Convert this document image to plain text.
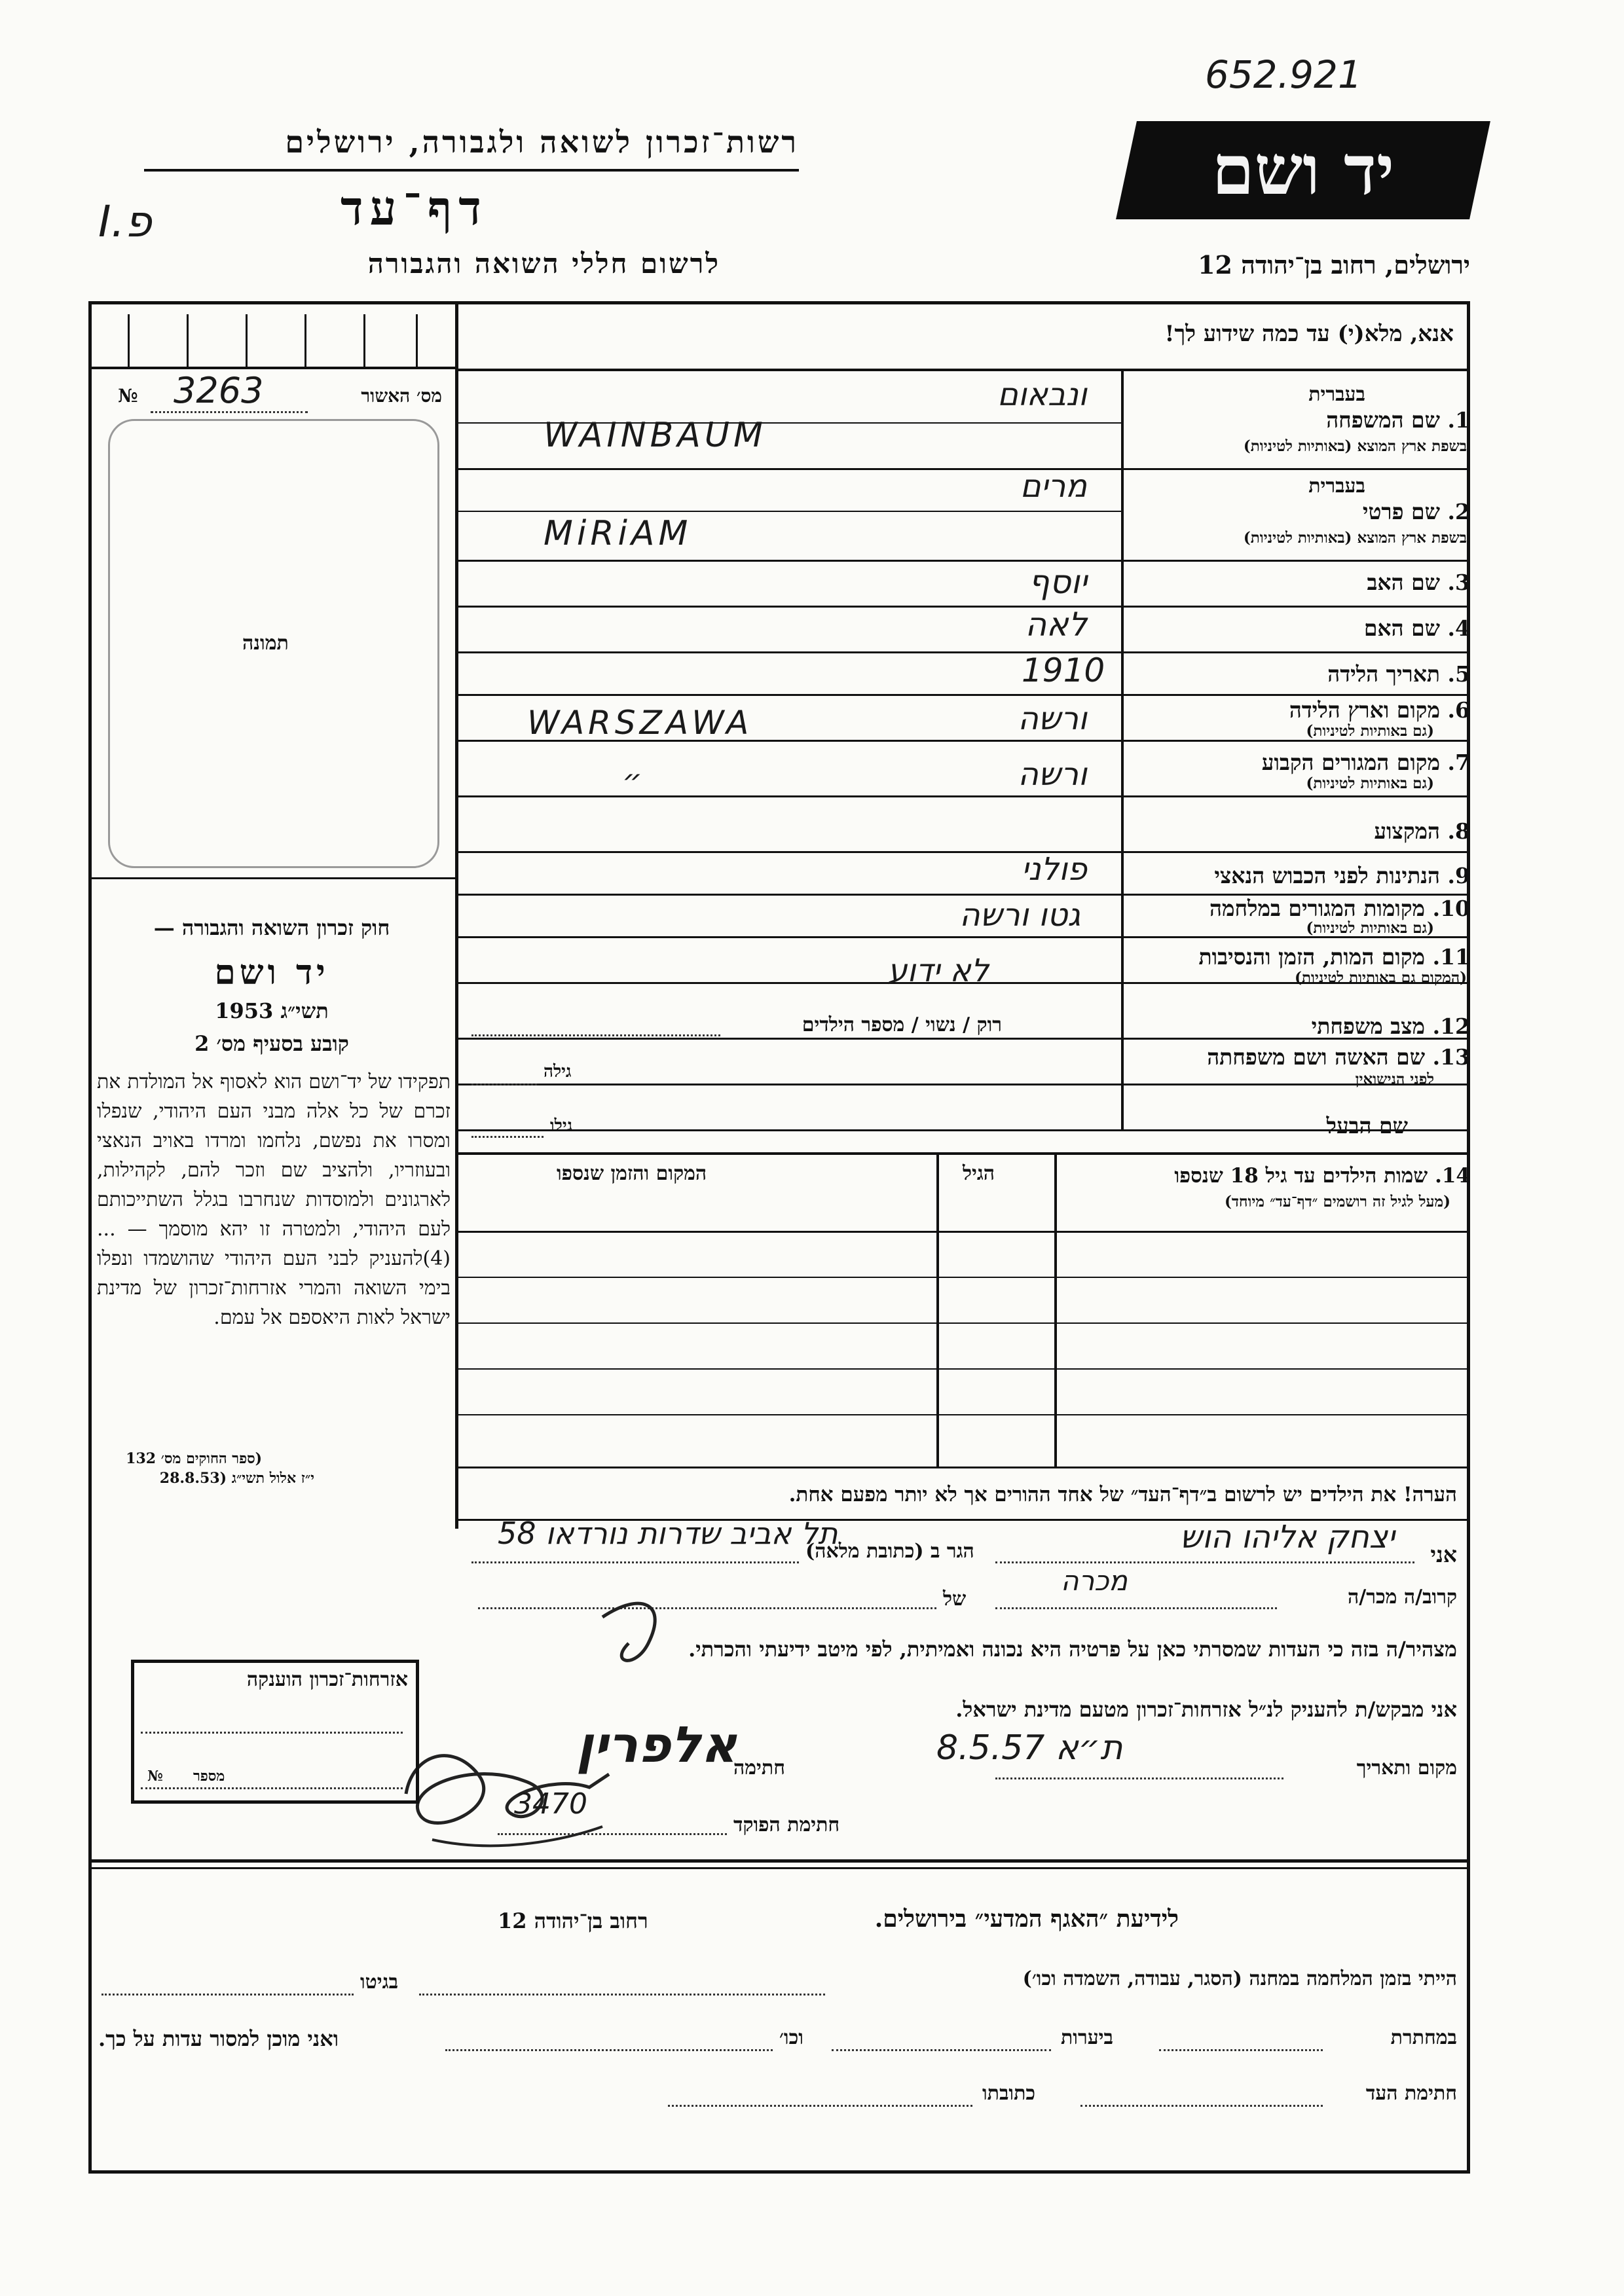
652.921
רשות־זכרון לשואה ולגבורה, ירושלים
דף־עד
I.פ
לרשום חללי השואה והגבורה
יד ושם
ירושלים, רחוב בן־יהודה 12
אנא, מלא(י) עד כמה שידוע לך!
מס׳ האשור
№ 3263
תמונה
בעברית
1. שם המשפחה
בשפת ארץ המוצא (באותיות לטיניות)
ונבאום
WAINBAUM
בעברית
2. שם פרטי
בשפת ארץ המוצא (באותיות לטיניות)
מרים
MiRiAM
3. שם האב
יוסף
4. שם האם
לאה
5. תאריך הלידה
1910
6. מקום וארץ הלידה
(גם באותיות לטיניות)
WARSZAWA	ורשה
7. מקום המגורים הקבוע
(גם באותיות לטיניות)
״	ורשה
8. המקצוע
9. הנתינות לפני הכבוש הנאצי
פולני
10. מקומות המגורים במלחמה
(גם באותיות לטיניות)
גטו ורשה
11. מקום המות, הזמן והנסיבות
(המקום גם באותיות לטיניות)
לא ידוע
12. מצב משפחתי
רוק / נשוי / מספר הילדים
13. שם האשה ושם משפחתה
לפני הנישואין
גילה
שם הבעל
גילו
14. שמות הילדים עד גיל 18 שנספו
(מעל לגיל זה רושמים ״דף־עד״ מיוחד)
הגיל
המקום והזמן שנספו
חוק זכרון השואה והגבורה —
יד ושם
תשי״ג 1953
קובע בסעיף מס׳ 2
תפקידו של יד־ושם הוא לאסוף אל המולדת את זכרם של כל אלה מבני העם היהודי, שנפלו ומסרו את נפשם, נלחמו ומרדו באויב הנאצי ובעוזריו, ולהציב שם וזכר להם, לקהילות, לארגונים ולמוסדות שנחרבו בגלל השתייכותם לעם היהודי, ולמטרה זו יהא מוסמך — ...(4)להעניק לבני העם היהודי שהושמדו ונפלו בימי השואה והמרי אזרחות־זכרון של מדינת ישראל לאות היאספם אל עמם.
(ספר החוקים מס׳ 132
י״ז אלול תשי״ג (28.8.53
הערה! את הילדים יש לרשום ב״דף־העד״ של אחד ההורים אך לא יותר מפעם אחת.
אני
יצחק אליהו הוש
הגר ב (כתובת מלאה)
תל אביב שדרות נורדאו 58
קרוב/ה מכר/ה
מכרה
של
מצהיר/ה בזה כי העדות שמסרתי כאן על פרטיה היא נכונה ואמיתית, לפי מיטב ידיעתי והכרתי.
אני מבקש/ת להעניק לנ״ל אזרחות־זכרון מטעם מדינת ישראל.
מקום ותאריך
8.5.57 ת״א
חתימה
חתימת הפוקד
אלפרין
3470
אזרחות־זכרון הוענקה
מספר
№
לידיעת ״האגף המדעי״ בירושלים.
רחוב בן־יהודה 12
הייתי בזמן המלחמה במחנה (הסגר, עבודה, השמדה וכו׳)
בגיטו
במחתרת
ביערות
וכו׳
ואני מוכן למסור עדות על כך.
חתימת העד
כתובתו
